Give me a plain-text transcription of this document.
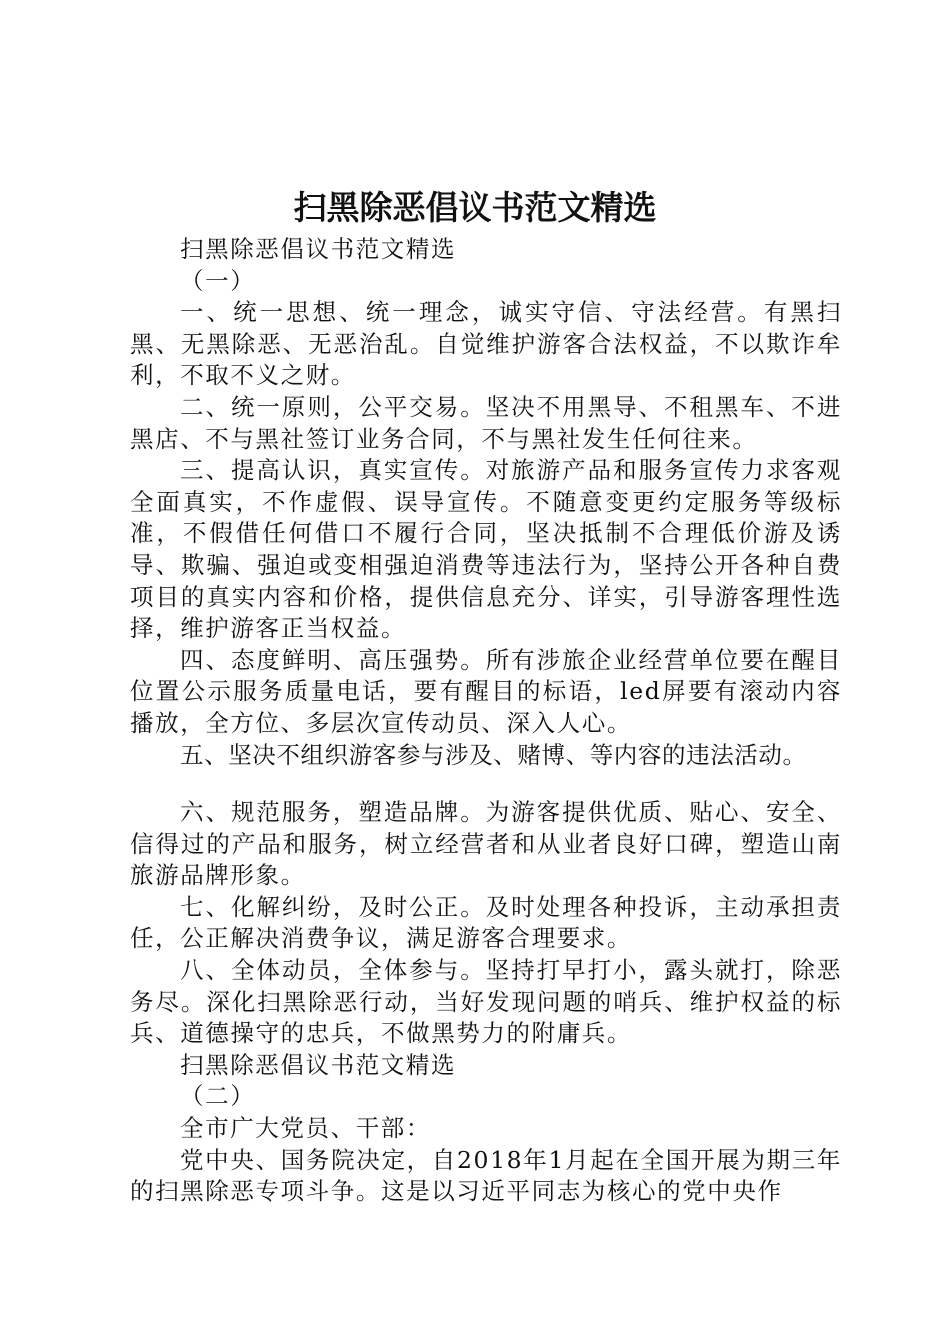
扫黑除恶倡议书范文精选

扫黑除恶倡议书范文精选

（一）

一、统一思想、统一理念，诚实守信、守法经营。有黑扫黑、无黑除恶、无恶治乱。自觉维护游客合法权益，不以欺诈牟利，不取不义之财。

二、统一原则，公平交易。坚决不用黑导、不租黑车、不进黑店、不与黑社签订业务合同，不与黑社发生任何往来。

三、提高认识，真实宣传。对旅游产品和服务宣传力求客观全面真实，不作虚假、误导宣传。不随意变更约定服务等级标准，不假借任何借口不履行合同，坚决抵制不合理低价游及诱导、欺骗、强迫或变相强迫消费等违法行为，坚持公开各种自费项目的真实内容和价格，提供信息充分、详实，引导游客理性选择，维护游客正当权益。

四、态度鲜明、高压强势。所有涉旅企业经营单位要在醒目位置公示服务质量电话，要有醒目的标语，led屏要有滚动内容播放，全方位、多层次宣传动员、深入人心。

五、坚决不组织游客参与涉及、赌博、等内容的违法活动。

六、规范服务，塑造品牌。为游客提供优质、贴心、安全、信得过的产品和服务，树立经营者和从业者良好口碑，塑造山南旅游品牌形象。

七、化解纠纷，及时公正。及时处理各种投诉，主动承担责任，公正解决消费争议，满足游客合理要求。

八、全体动员，全体参与。坚持打早打小，露头就打，除恶务尽。深化扫黑除恶行动，当好发现问题的哨兵、维护权益的标兵、道德操守的忠兵，不做黑势力的附庸兵。

扫黑除恶倡议书范文精选

（二）

全市广大党员、干部：

党中央、国务院决定，自2018年1月起在全国开展为期三年的扫黑除恶专项斗争。这是以习近平同志为核心的党中央作
